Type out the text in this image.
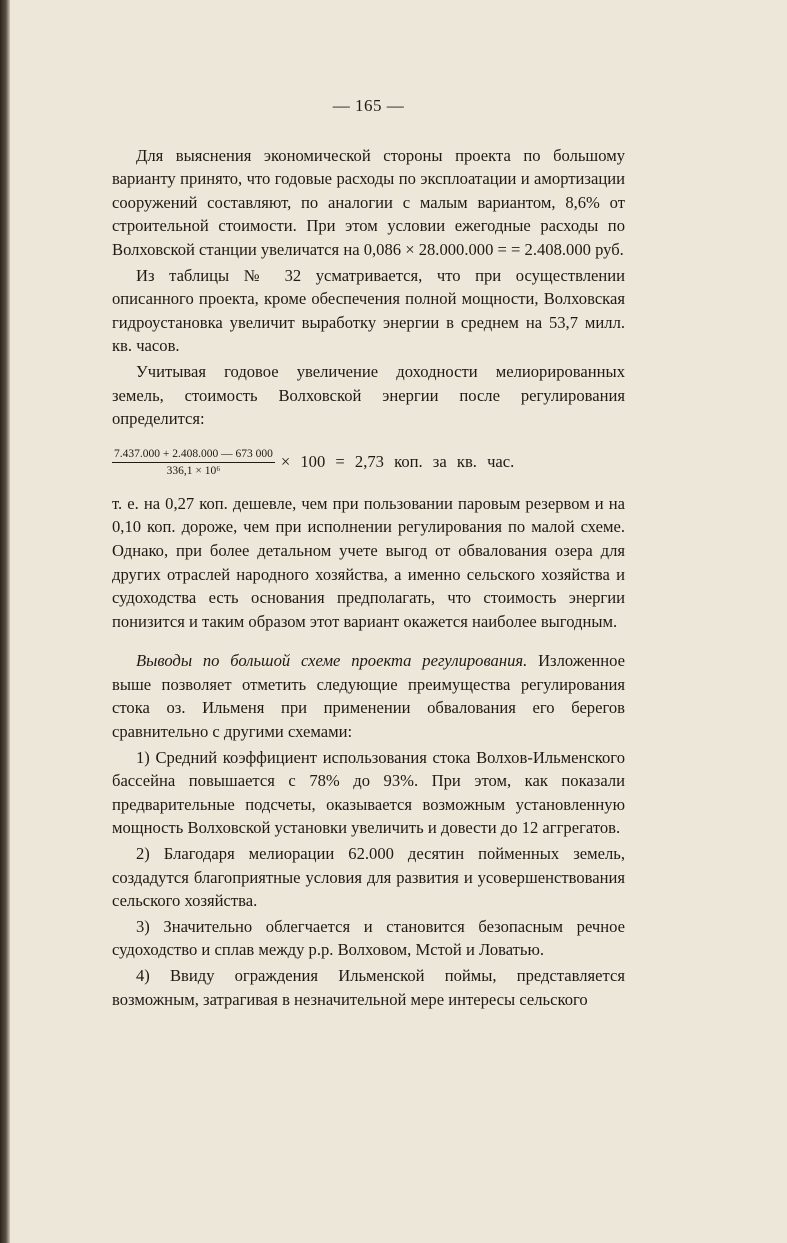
— 165 —

Для выяснения экономической стороны проекта по большому варианту принято, что годовые расходы по эксплоатации и амортизации сооружений составляют, по аналогии с малым вариантом, 8,6% от строительной стоимости. При этом условии ежегодные расходы по Волховской станции увеличатся на 0,086 × 28.000.000 = = 2.408.000 руб.

Из таблицы № 32 усматривается, что при осуществлении описанного проекта, кроме обеспечения полной мощности, Волховская гидроустановка увеличит выработку энергии в среднем на 53,7 милл. кв. часов.

Учитывая годовое увеличение доходности мелиорированных земель, стоимость Волховской энергии после регулирования определится:

$\frac{7.437.000 + 2.408.000 — 673 000}{\text{336,1 × 10⁶}} \times 100 = 2,73$ коп. за кв. час.

т. е. на 0,27 коп. дешевле, чем при пользовании паровым резервом и на 0,10 коп. дороже, чем при исполнении регулирования по малой схеме. Однако, при более детальном учете выгод от обвалования озера для других отраслей народного хозяйства, а именно сельского хозяйства и судоходства есть основания предполагать, что стоимость энергии понизится и таким образом этот вариант окажется наиболее выгодным.

Выводы по большой схеме проекта регулирования. Изложенное выше позволяет отметить следующие преимущества регулирования стока оз. Ильменя при применении обвалования его берегов сравнительно с другими схемами:

1) Средний коэффициент использования стока Волхов-Ильменского бассейна повышается с 78% до 93%. При этом, как показали предварительные подсчеты, оказывается возможным установленную мощность Волховской установки увеличить и довести до 12 аггрегатов.

2) Благодаря мелиорации 62.000 десятин пойменных земель, создадутся благоприятные условия для развития и усовершенствования сельского хозяйства.

3) Значительно облегчается и становится безопасным речное судоходство и сплав между р.р. Волховом, Мстой и Ловатью.

4) Ввиду ограждения Ильменской поймы, представляется возможным, затрагивая в незначительной мере интересы сельского
